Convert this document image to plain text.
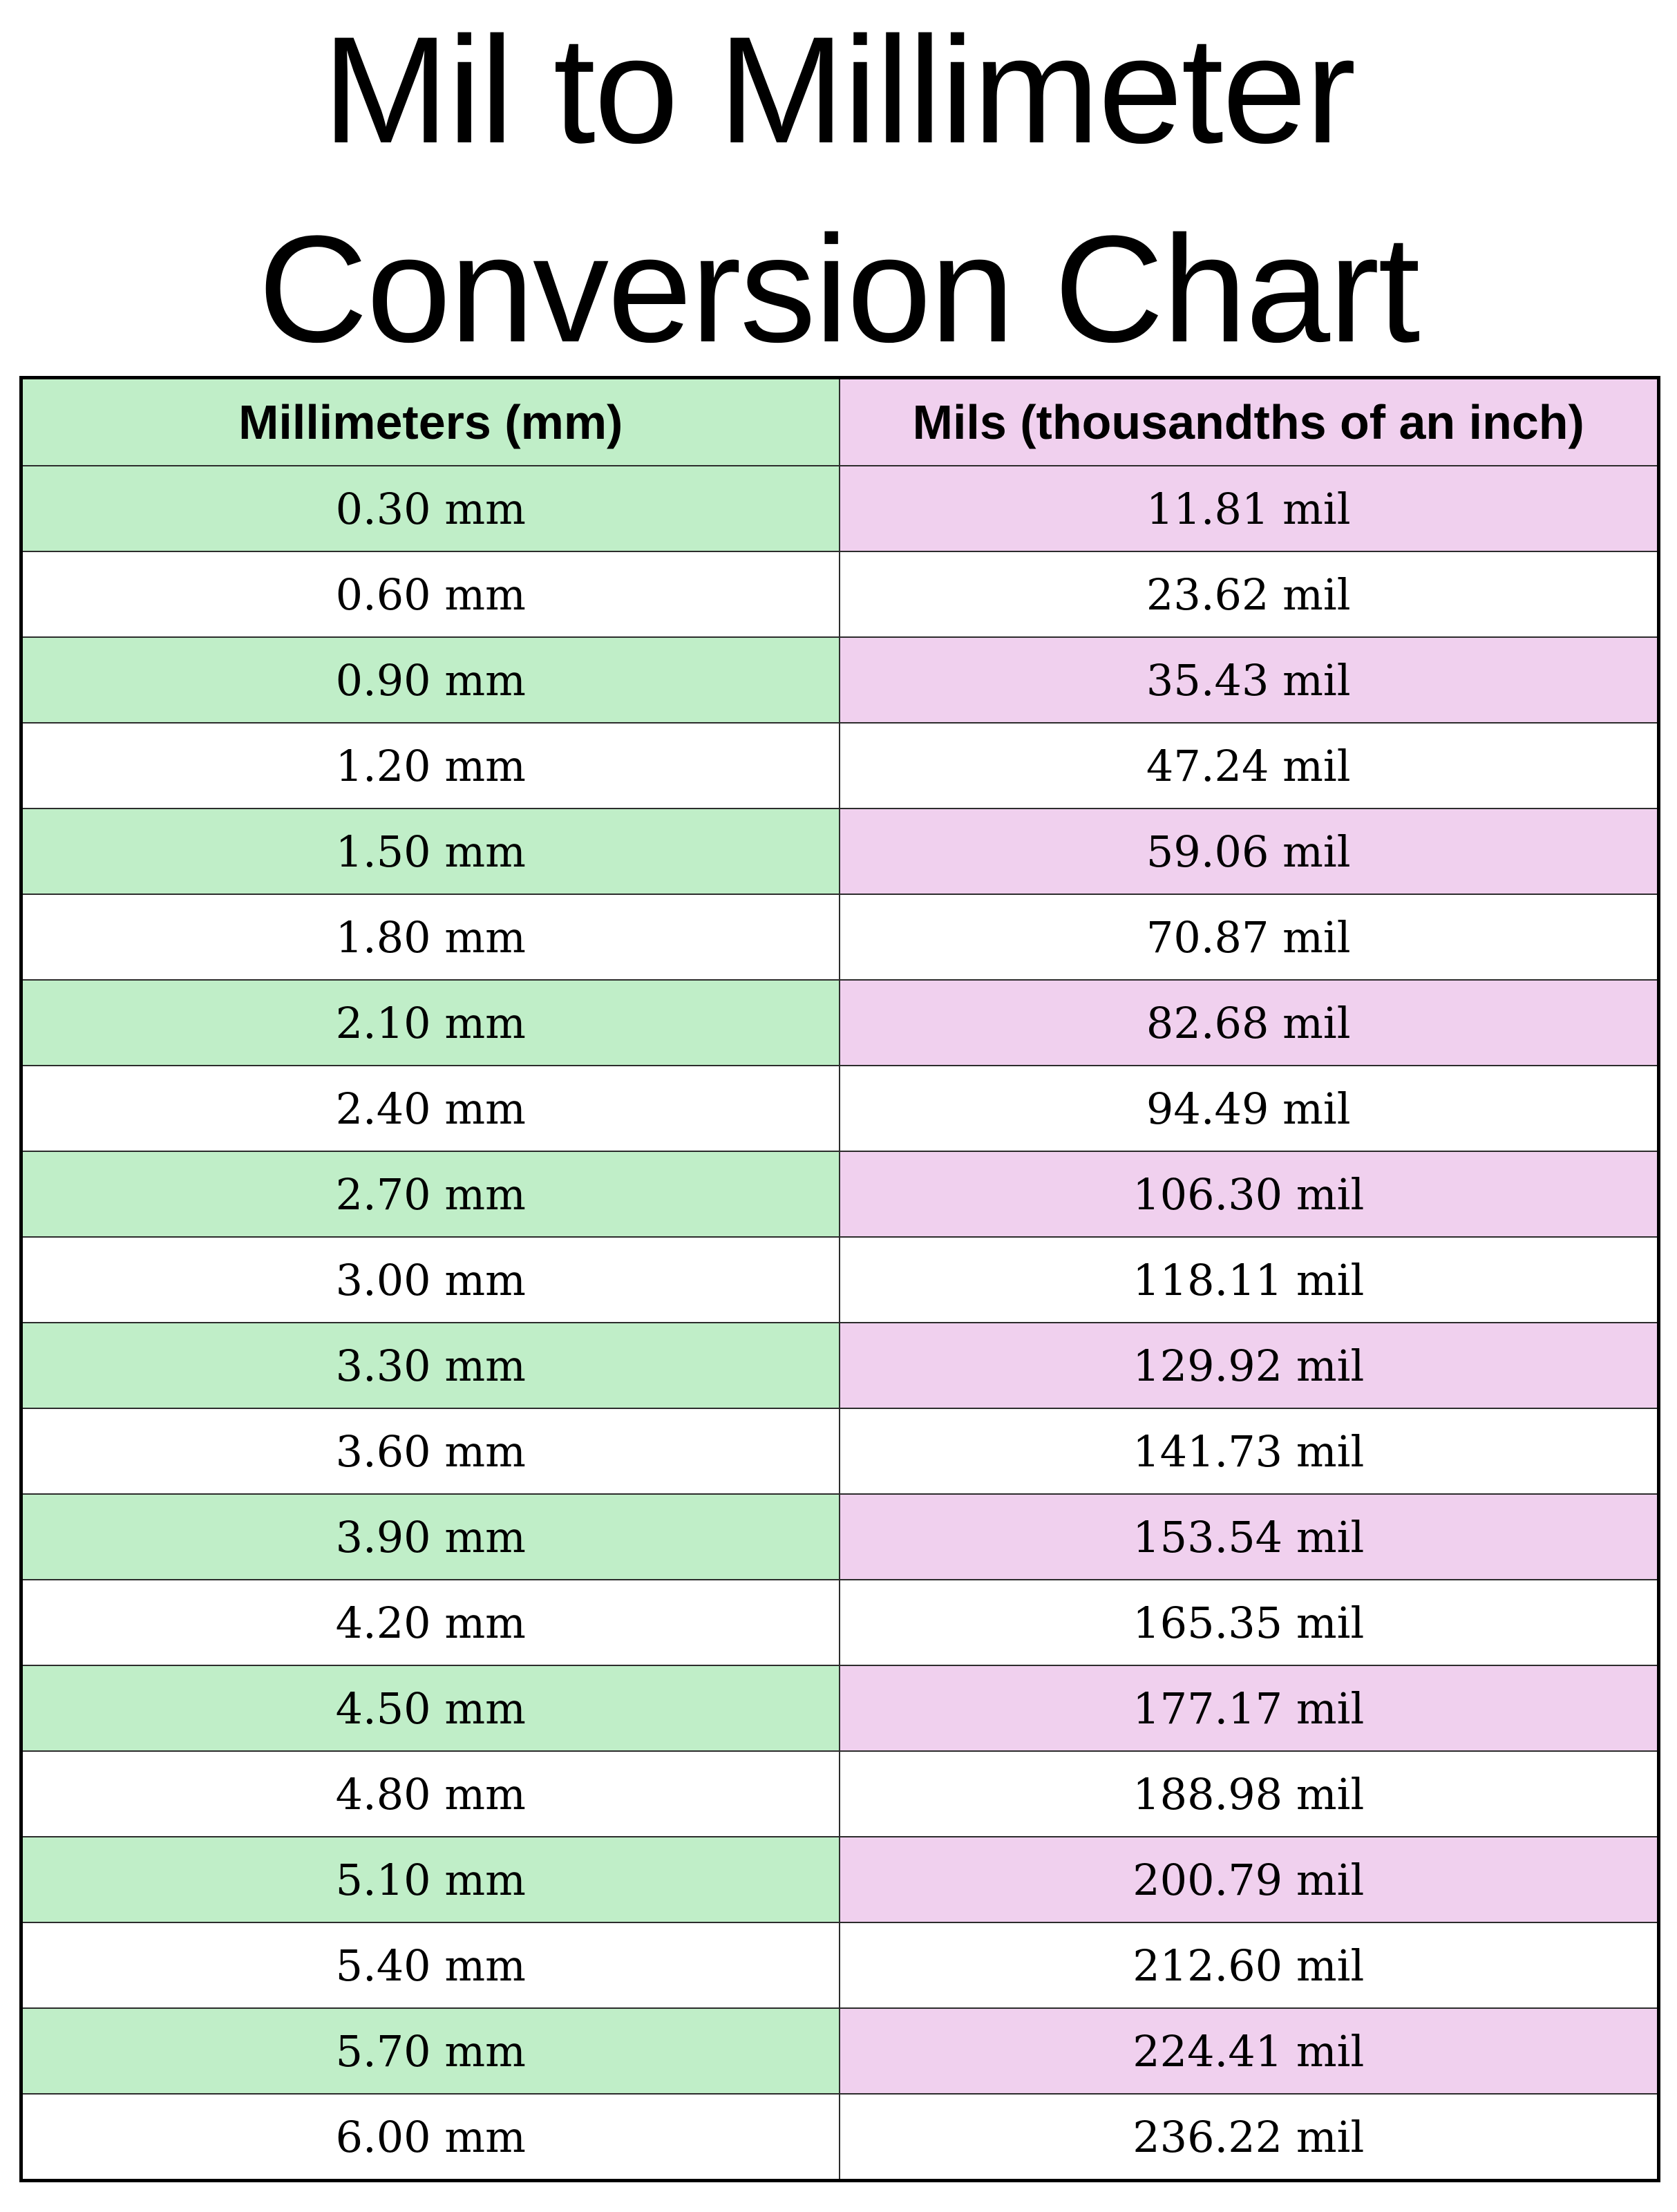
Mil to Millimeter
Conversion Chart
Millimeters (mm)	Mils (thousandths of an inch)
0.30 mm	11.81 mil
0.60 mm	23.62 mil
0.90 mm	35.43 mil
1.20 mm	47.24 mil
1.50 mm	59.06 mil
1.80 mm	70.87 mil
2.10 mm	82.68 mil
2.40 mm	94.49 mil
2.70 mm	106.30 mil
3.00 mm	118.11 mil
3.30 mm	129.92 mil
3.60 mm	141.73 mil
3.90 mm	153.54 mil
4.20 mm	165.35 mil
4.50 mm	177.17 mil
4.80 mm	188.98 mil
5.10 mm	200.79 mil
5.40 mm	212.60 mil
5.70 mm	224.41 mil
6.00 mm	236.22 mil
